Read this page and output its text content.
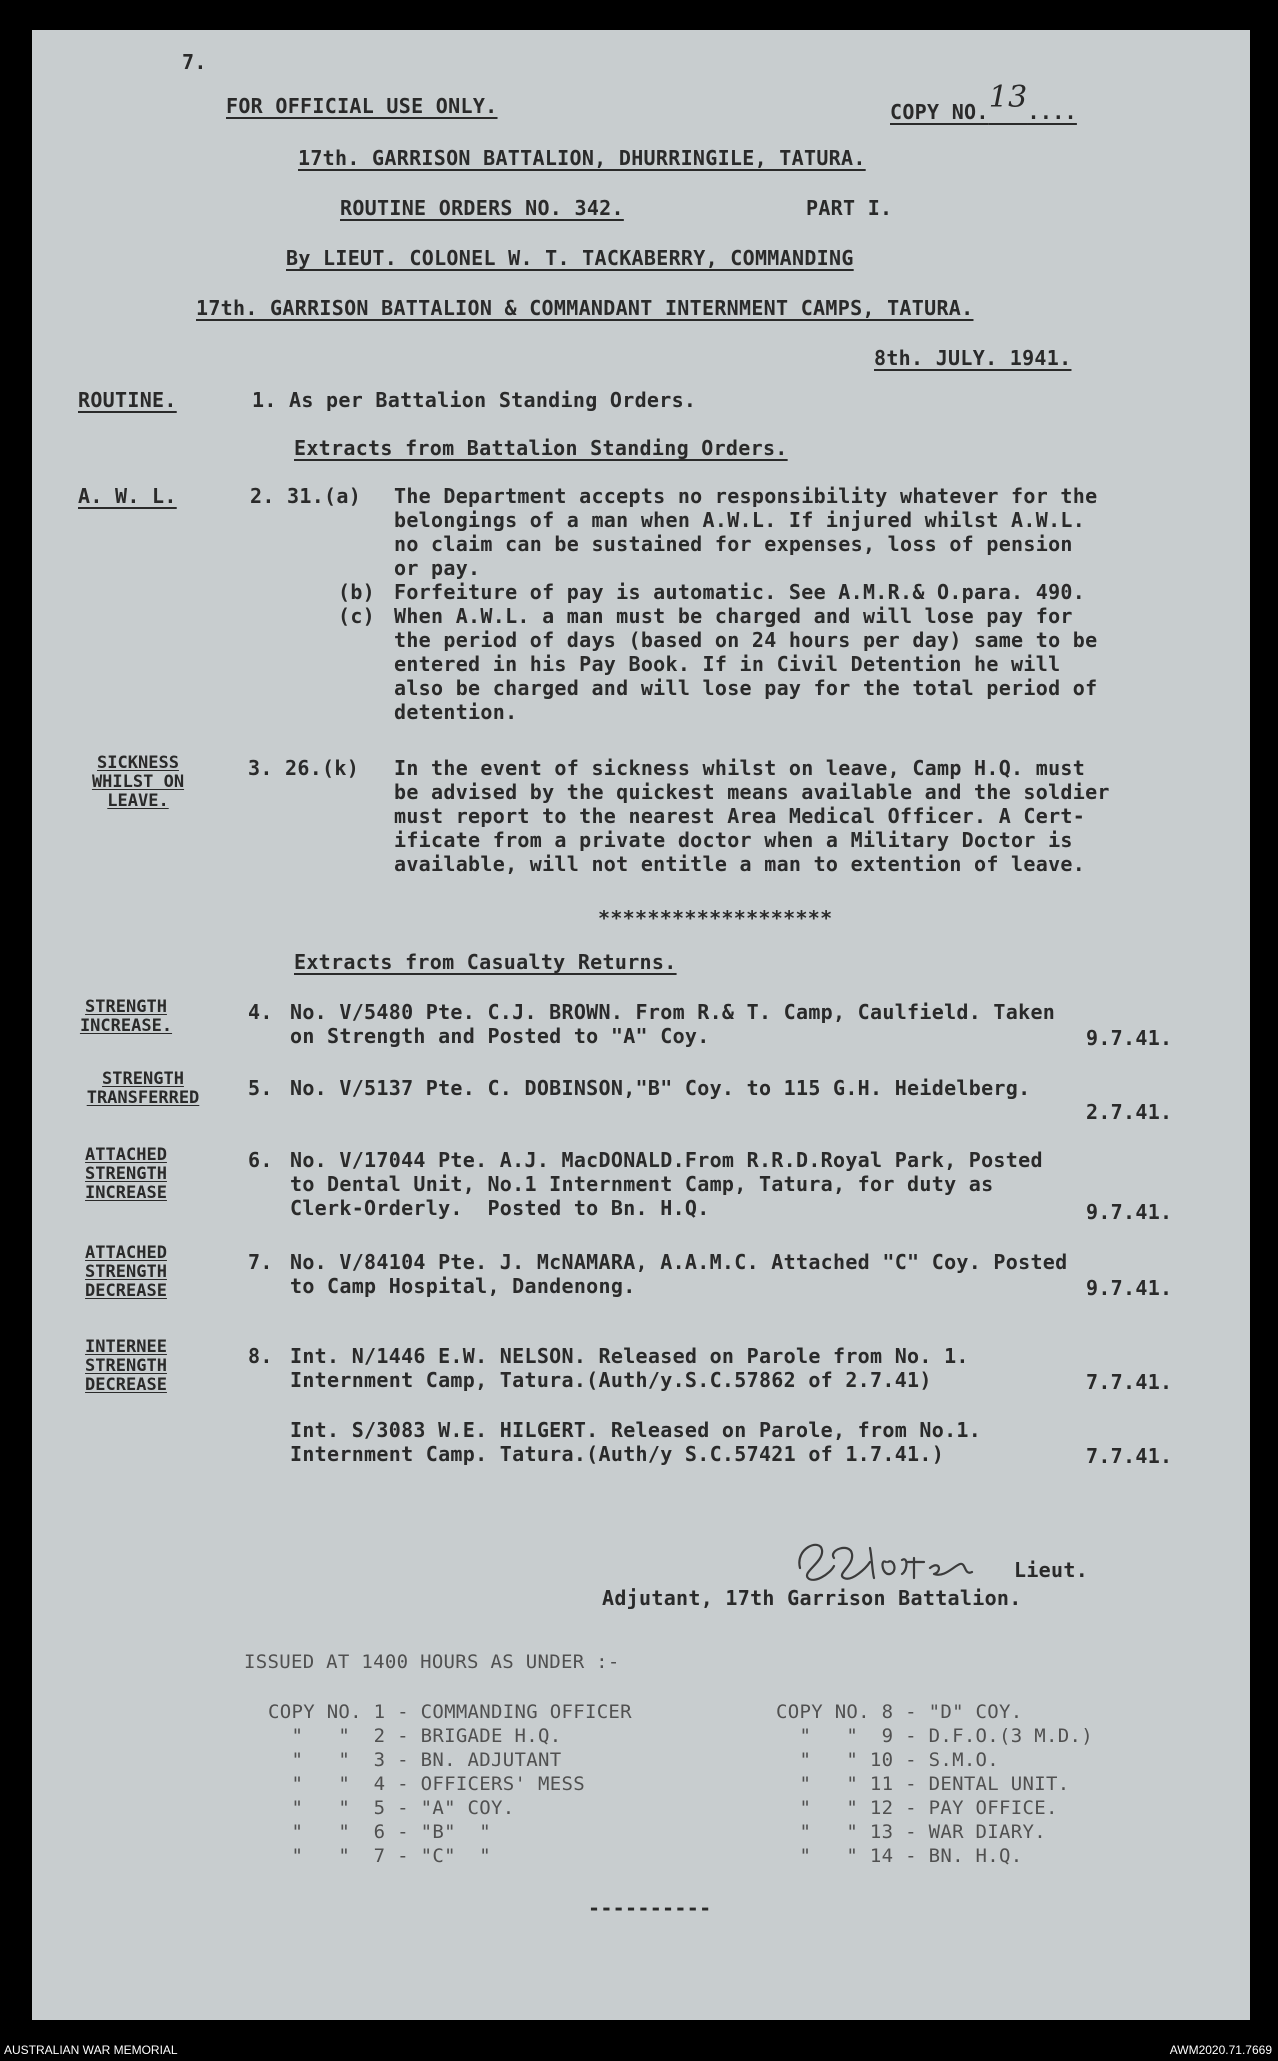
7.
FOR OFFICIAL USE ONLY.	COPY NO.13....
17th. GARRISON BATTALION, DHURRINGILE, TATURA.
ROUTINE ORDERS NO. 342.	PART I.
By LIEUT. COLONEL W. T. TACKABERRY, COMMANDING
17th. GARRISON BATTALION & COMMANDANT INTERNMENT CAMPS, TATURA.
8th. JULY. 1941.
ROUTINE.	1. As per Battalion Standing Orders.
Extracts from Battalion Standing Orders.
A. W. L.	2. 31.(a) The Department accepts no responsibility whatever for the
belongings of a man when A.W.L. If injured whilst A.W.L.
no claim can be sustained for expenses, loss of pension
or pay.
(b) Forfeiture of pay is automatic. See A.M.R.& O.para. 490.
(c) When A.W.L. a man must be charged and will lose pay for
the period of days (based on 24 hours per day) same to be
entered in his Pay Book. If in Civil Detention he will
also be charged and will lose pay for the total period of
detention.
SICKNESS
WHILST ON
LEAVE.
3. 26.(k) In the event of sickness whilst on leave, Camp H.Q. must
be advised by the quickest means available and the soldier
must report to the nearest Area Medical Officer. A Cert-
ificate from a private doctor when a Military Doctor is
available, will not entitle a man to extention of leave.
*******************
Extracts from Casualty Returns.
STRENGTH
INCREASE.
4. No. V/5480 Pte. C.J. BROWN. From R.& T. Camp, Caulfield. Taken
on Strength and Posted to "A" Coy.	9.7.41.
STRENGTH
TRANSFERRED	5. No. V/5137 Pte. C. DOBINSON,"B" Coy. to 115 G.H. Heidelberg.
2.7.41.
ATTACHED
STRENGTH
INCREASE
6. No. V/17044 Pte. A.J. MacDONALD.From R.R.D.Royal Park, Posted
to Dental Unit, No.1 Internment Camp, Tatura, for duty as
Clerk-Orderly.  Posted to Bn. H.Q.	9.7.41.
ATTACHED
STRENGTH
DECREASE
7. No. V/84104 Pte. J. McNAMARA, A.A.M.C. Attached "C" Coy. Posted
to Camp Hospital, Dandenong.	9.7.41.
INTERNEE
STRENGTH
DECREASE
8. Int. N/1446 E.W. NELSON. Released on Parole from No. 1.
Internment Camp, Tatura.(Auth/y.S.C.57862 of 2.7.41)	7.7.41.
Int. S/3083 W.E. HILGERT. Released on Parole, from No.1.
Internment Camp. Tatura.(Auth/y S.C.57421 of 1.7.41.)	7.7.41.
Lieut.
Adjutant, 17th Garrison Battalion.
ISSUED AT 1400 HOURS AS UNDER :-
COPY NO. 1 - COMMANDING OFFICER
"   "  2 - BRIGADE H.Q.
"   "  3 - BN. ADJUTANT
"   "  4 - OFFICERS' MESS
"   "  5 - "A" COY.
"   "  6 - "B"  "
"   "  7 - "C"  "
COPY NO. 8 - "D" COY.
"   "  9 - D.F.O.(3 M.D.)
"   " 10 - S.M.O.
"   " 11 - DENTAL UNIT.
"   " 12 - PAY OFFICE.
"   " 13 - WAR DIARY.
"   " 14 - BN. H.Q.
----------
AUSTRALIAN WAR MEMORIAL	AWM2020.71.7669
